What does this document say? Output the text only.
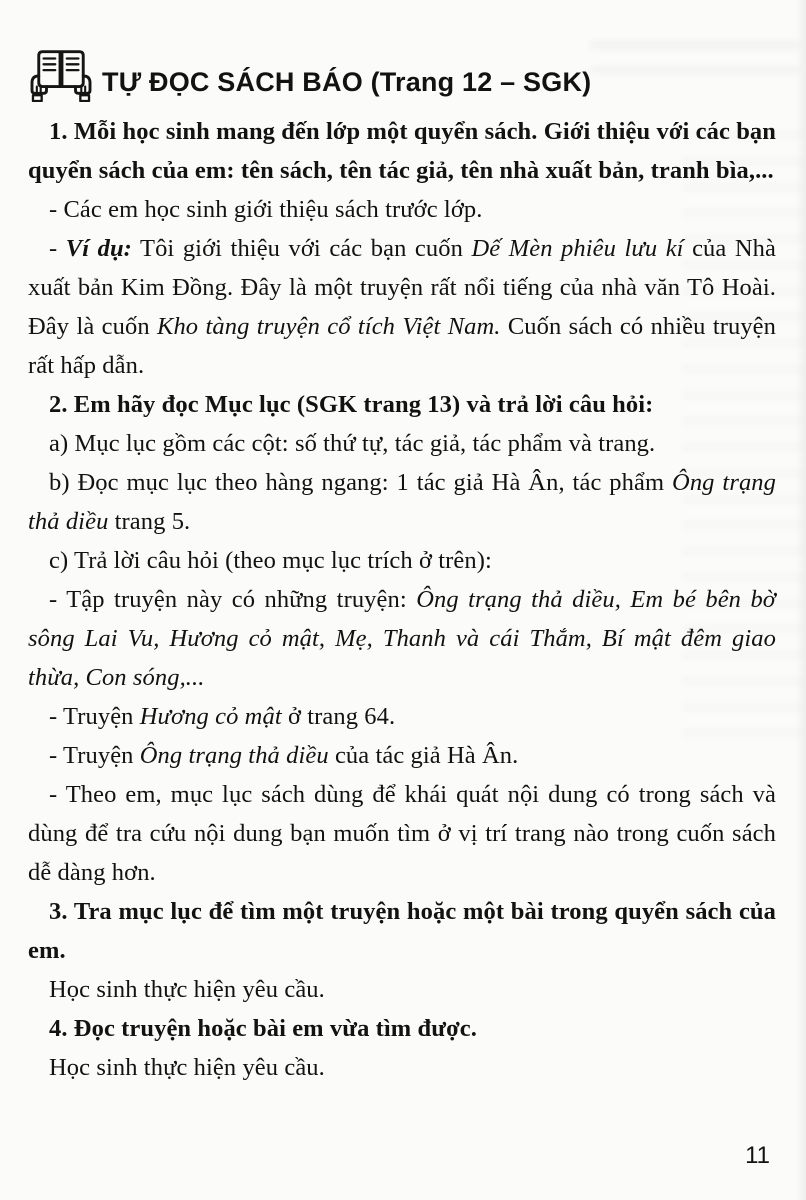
TỰ ĐỌC SÁCH BÁO (Trang 12 – SGK)

1. Mỗi học sinh mang đến lớp một quyển sách. Giới thiệu với các bạn quyển sách của em: tên sách, tên tác giả, tên nhà xuất bản, tranh bìa,...

- Các em học sinh giới thiệu sách trước lớp.

- Ví dụ: Tôi giới thiệu với các bạn cuốn Dế Mèn phiêu lưu kí của Nhà xuất bản Kim Đồng. Đây là một truyện rất nổi tiếng của nhà văn Tô Hoài. Đây là cuốn Kho tàng truyện cổ tích Việt Nam. Cuốn sách có nhiều truyện rất hấp dẫn.

2. Em hãy đọc Mục lục (SGK trang 13) và trả lời câu hỏi:

a) Mục lục gồm các cột: số thứ tự, tác giả, tác phẩm và trang.

b) Đọc mục lục theo hàng ngang: 1 tác giả Hà Ân, tác phẩm Ông trạng thả diều trang 5.

c) Trả lời câu hỏi (theo mục lục trích ở trên):

- Tập truyện này có những truyện: Ông trạng thả diều, Em bé bên bờ sông Lai Vu, Hương cỏ mật, Mẹ, Thanh và cái Thắm, Bí mật đêm giao thừa, Con sóng,...

- Truyện Hương cỏ mật ở trang 64.

- Truyện Ông trạng thả diều của tác giả Hà Ân.

- Theo em, mục lục sách dùng để khái quát nội dung có trong sách và dùng để tra cứu nội dung bạn muốn tìm ở vị trí trang nào trong cuốn sách dễ dàng hơn.

3. Tra mục lục để tìm một truyện hoặc một bài trong quyển sách của em.

Học sinh thực hiện yêu cầu.

4. Đọc truyện hoặc bài em vừa tìm được.

Học sinh thực hiện yêu cầu.

11
